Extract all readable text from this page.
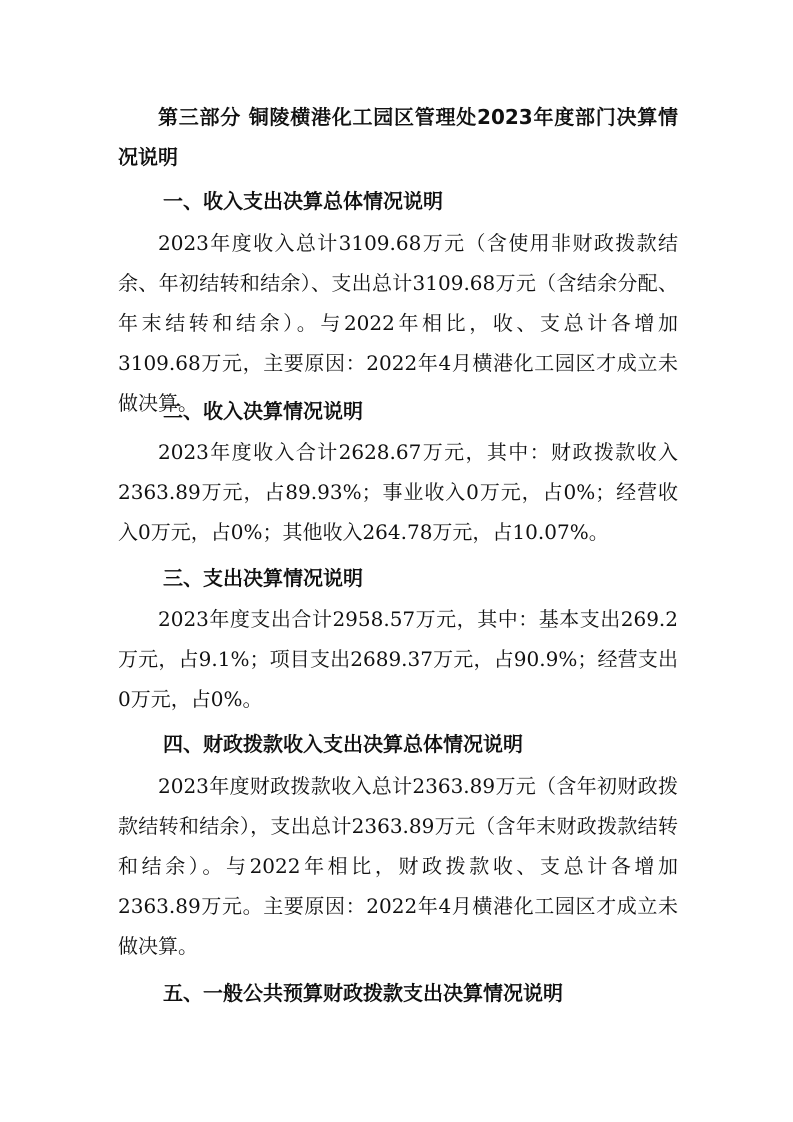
第三部分 铜陵横港化工园区管理处2023年度部门决算情况说明

一、收入支出决算总体情况说明

2023年度收入总计3109.68万元（含使用非财政拨款结余、年初结转和结余）、支出总计3109.68万元（含结余分配、年末结转和结余）。与2022年相比，收、支总计各增加3109.68万元，主要原因：2022年4月横港化工园区才成立未做决算。

二、收入决算情况说明

2023年度收入合计2628.67万元，其中：财政拨款收入2363.89万元，占89.93%；事业收入0万元，占0%；经营收入0万元，占0%；其他收入264.78万元，占10.07%。

三、支出决算情况说明

2023年度支出合计2958.57万元，其中：基本支出269.2万元，占9.1%；项目支出2689.37万元，占90.9%；经营支出0万元，占0%。

四、财政拨款收入支出决算总体情况说明

2023年度财政拨款收入总计2363.89万元（含年初财政拨款结转和结余），支出总计2363.89万元（含年末财政拨款结转和结余）。与2022年相比，财政拨款收、支总计各增加2363.89万元。主要原因：2022年4月横港化工园区才成立未做决算。

五、一般公共预算财政拨款支出决算情况说明
